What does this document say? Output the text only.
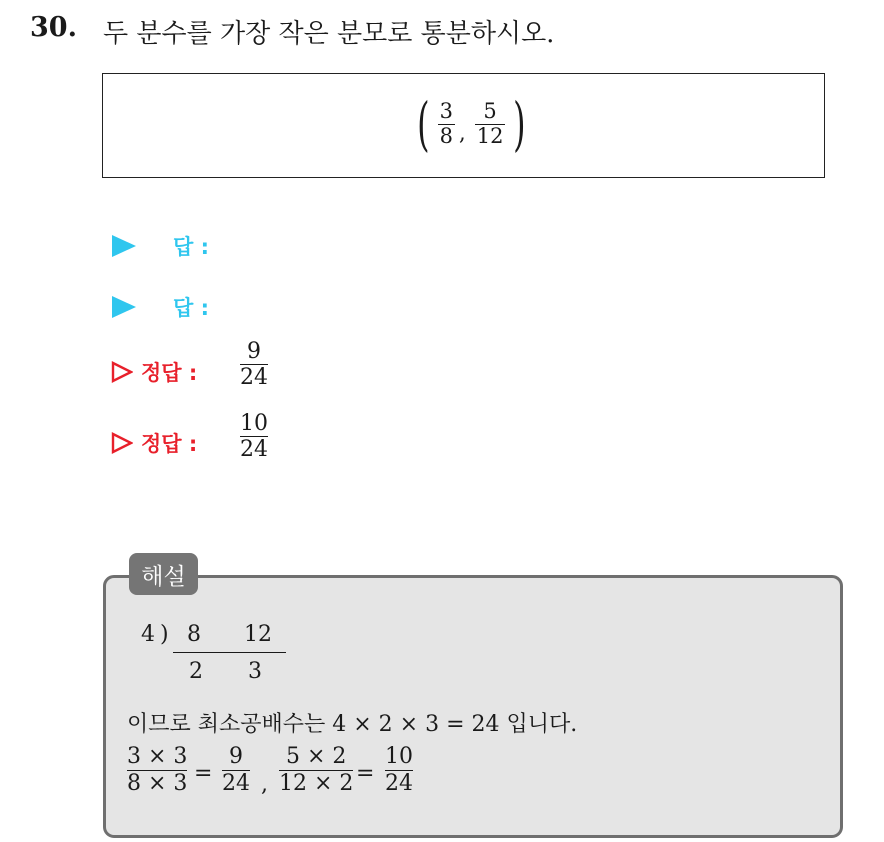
30. 두 분수를 가장 작은 분모로 통분하시오.
( $\frac{3}{8}$ , $\frac{5}{12}$ )
답 :
답 :
정답 :
9
24
정답 :
10
24
해설
4 ) 8 12
2 3
이므로 최소공배수는 4 × 2 × 3 = 24 입니다.
3 × 3
8 × 3 =
9
24 ,
5 × 2
12 × 2 =
10
24
